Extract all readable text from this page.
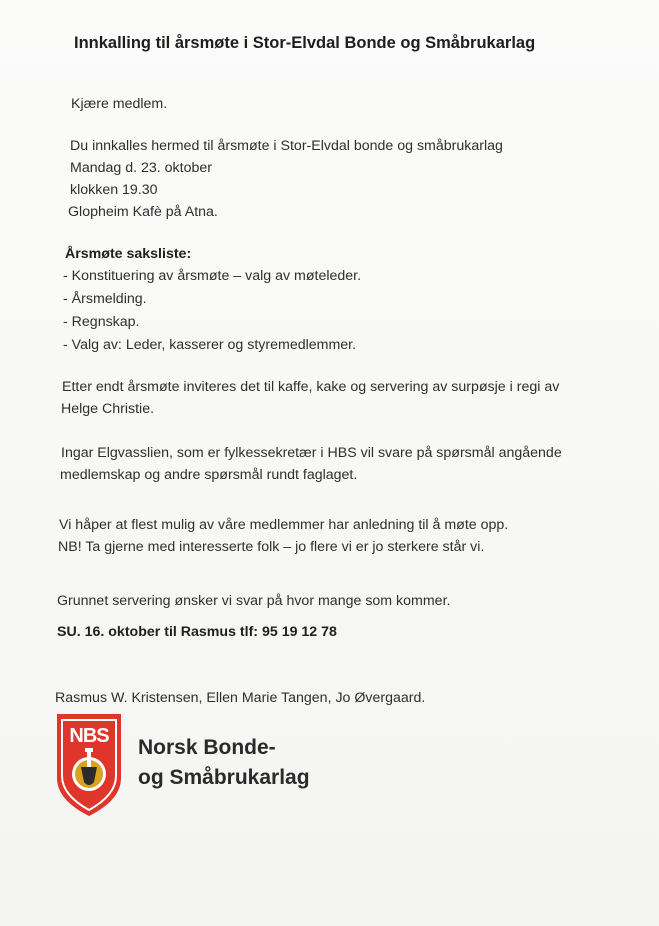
Innkalling til årsmøte i Stor-Elvdal Bonde og Småbrukarlag
Kjære medlem.
Du innkalles hermed til årsmøte i Stor-Elvdal bonde og småbrukarlag
Mandag d. 23. oktober
klokken 19.30
Glopheim Kafè på Atna.
Årsmøte saksliste:
- Konstituering av årsmøte – valg av møteleder.
- Årsmelding.
- Regnskap.
- Valg av: Leder, kasserer og styremedlemmer.
Etter endt årsmøte inviteres det til kaffe, kake og servering av surpøsje i regi av
Helge Christie.
Ingar Elgvasslien, som er fylkessekretær i HBS vil svare på spørsmål angående
medlemskap og andre spørsmål rundt faglaget.
Vi håper at flest mulig av våre medlemmer har anledning til å møte opp.
NB! Ta gjerne med interesserte folk – jo flere vi er jo sterkere står vi.
Grunnet servering ønsker vi svar på hvor mange som kommer.
SU. 16. oktober til Rasmus tlf: 95 19 12 78
Rasmus W. Kristensen, Ellen Marie Tangen, Jo Øvergaard.
NBS Norsk Bonde-
og Småbrukarlag
